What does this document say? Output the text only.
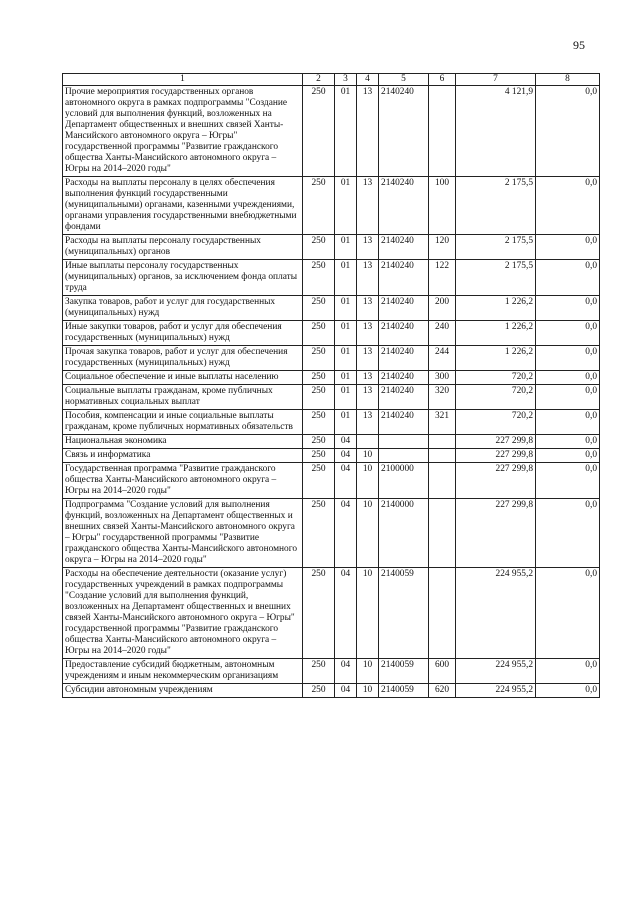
95
1	2	3	4	5	6	7	8
Прочие мероприятия государственных органов автономного округа в рамках подпрограммы "Создание условий для выполнения функций, возложенных на Департамент общественных и внешних связей Ханты-Мансийского автономного округа – Югры" государственной программы "Развитие гражданского общества Ханты-Мансийского автономного округа – Югры на 2014–2020 годы"	250	01	13	2140240		4 121,9	0,0
Расходы на выплаты персоналу в целях обеспечения выполнения функций государственными (муниципальными) органами, казенными учреждениями, органами управления государственными внебюджетными фондами	250	01	13	2140240	100	2 175,5	0,0
Расходы на выплаты персоналу государственных (муниципальных) органов	250	01	13	2140240	120	2 175,5	0,0
Иные выплаты персоналу государственных (муниципальных) органов, за исключением фонда оплаты труда	250	01	13	2140240	122	2 175,5	0,0
Закупка товаров, работ и услуг для государственных (муниципальных) нужд	250	01	13	2140240	200	1 226,2	0,0
Иные закупки товаров, работ и услуг для обеспечения государственных (муниципальных) нужд	250	01	13	2140240	240	1 226,2	0,0
Прочая закупка товаров, работ и услуг для обеспечения государственных (муниципальных) нужд	250	01	13	2140240	244	1 226,2	0,0
Социальное обеспечение и иные выплаты населению	250	01	13	2140240	300	720,2	0,0
Социальные выплаты гражданам, кроме публичных нормативных социальных выплат	250	01	13	2140240	320	720,2	0,0
Пособия, компенсации и иные социальные выплаты гражданам, кроме публичных нормативных обязательств	250	01	13	2140240	321	720,2	0,0
Национальная экономика	250	04				227 299,8	0,0
Связь и информатика	250	04	10			227 299,8	0,0
Государственная программа "Развитие гражданского общества Ханты-Мансийского автономного округа – Югры на 2014–2020 годы"	250	04	10	2100000		227 299,8	0,0
Подпрограмма "Создание условий для выполнения функций, возложенных на Департамент общественных и внешних связей Ханты-Мансийского автономного округа – Югры" государственной программы "Развитие гражданского общества Ханты-Мансийского автономного округа – Югры на 2014–2020 годы"	250	04	10	2140000		227 299,8	0,0
Расходы на обеспечение деятельности (оказание услуг) государственных учреждений в рамках подпрограммы "Создание условий для выполнения функций, возложенных на Департамент общественных и внешних связей Ханты-Мансийского автономного округа – Югры" государственной программы "Развитие гражданского общества Ханты-Мансийского автономного округа – Югры на 2014–2020 годы"	250	04	10	2140059		224 955,2	0,0
Предоставление субсидий бюджетным, автономным учреждениям и иным некоммерческим организациям	250	04	10	2140059	600	224 955,2	0,0
Субсидии автономным учреждениям	250	04	10	2140059	620	224 955,2	0,0
